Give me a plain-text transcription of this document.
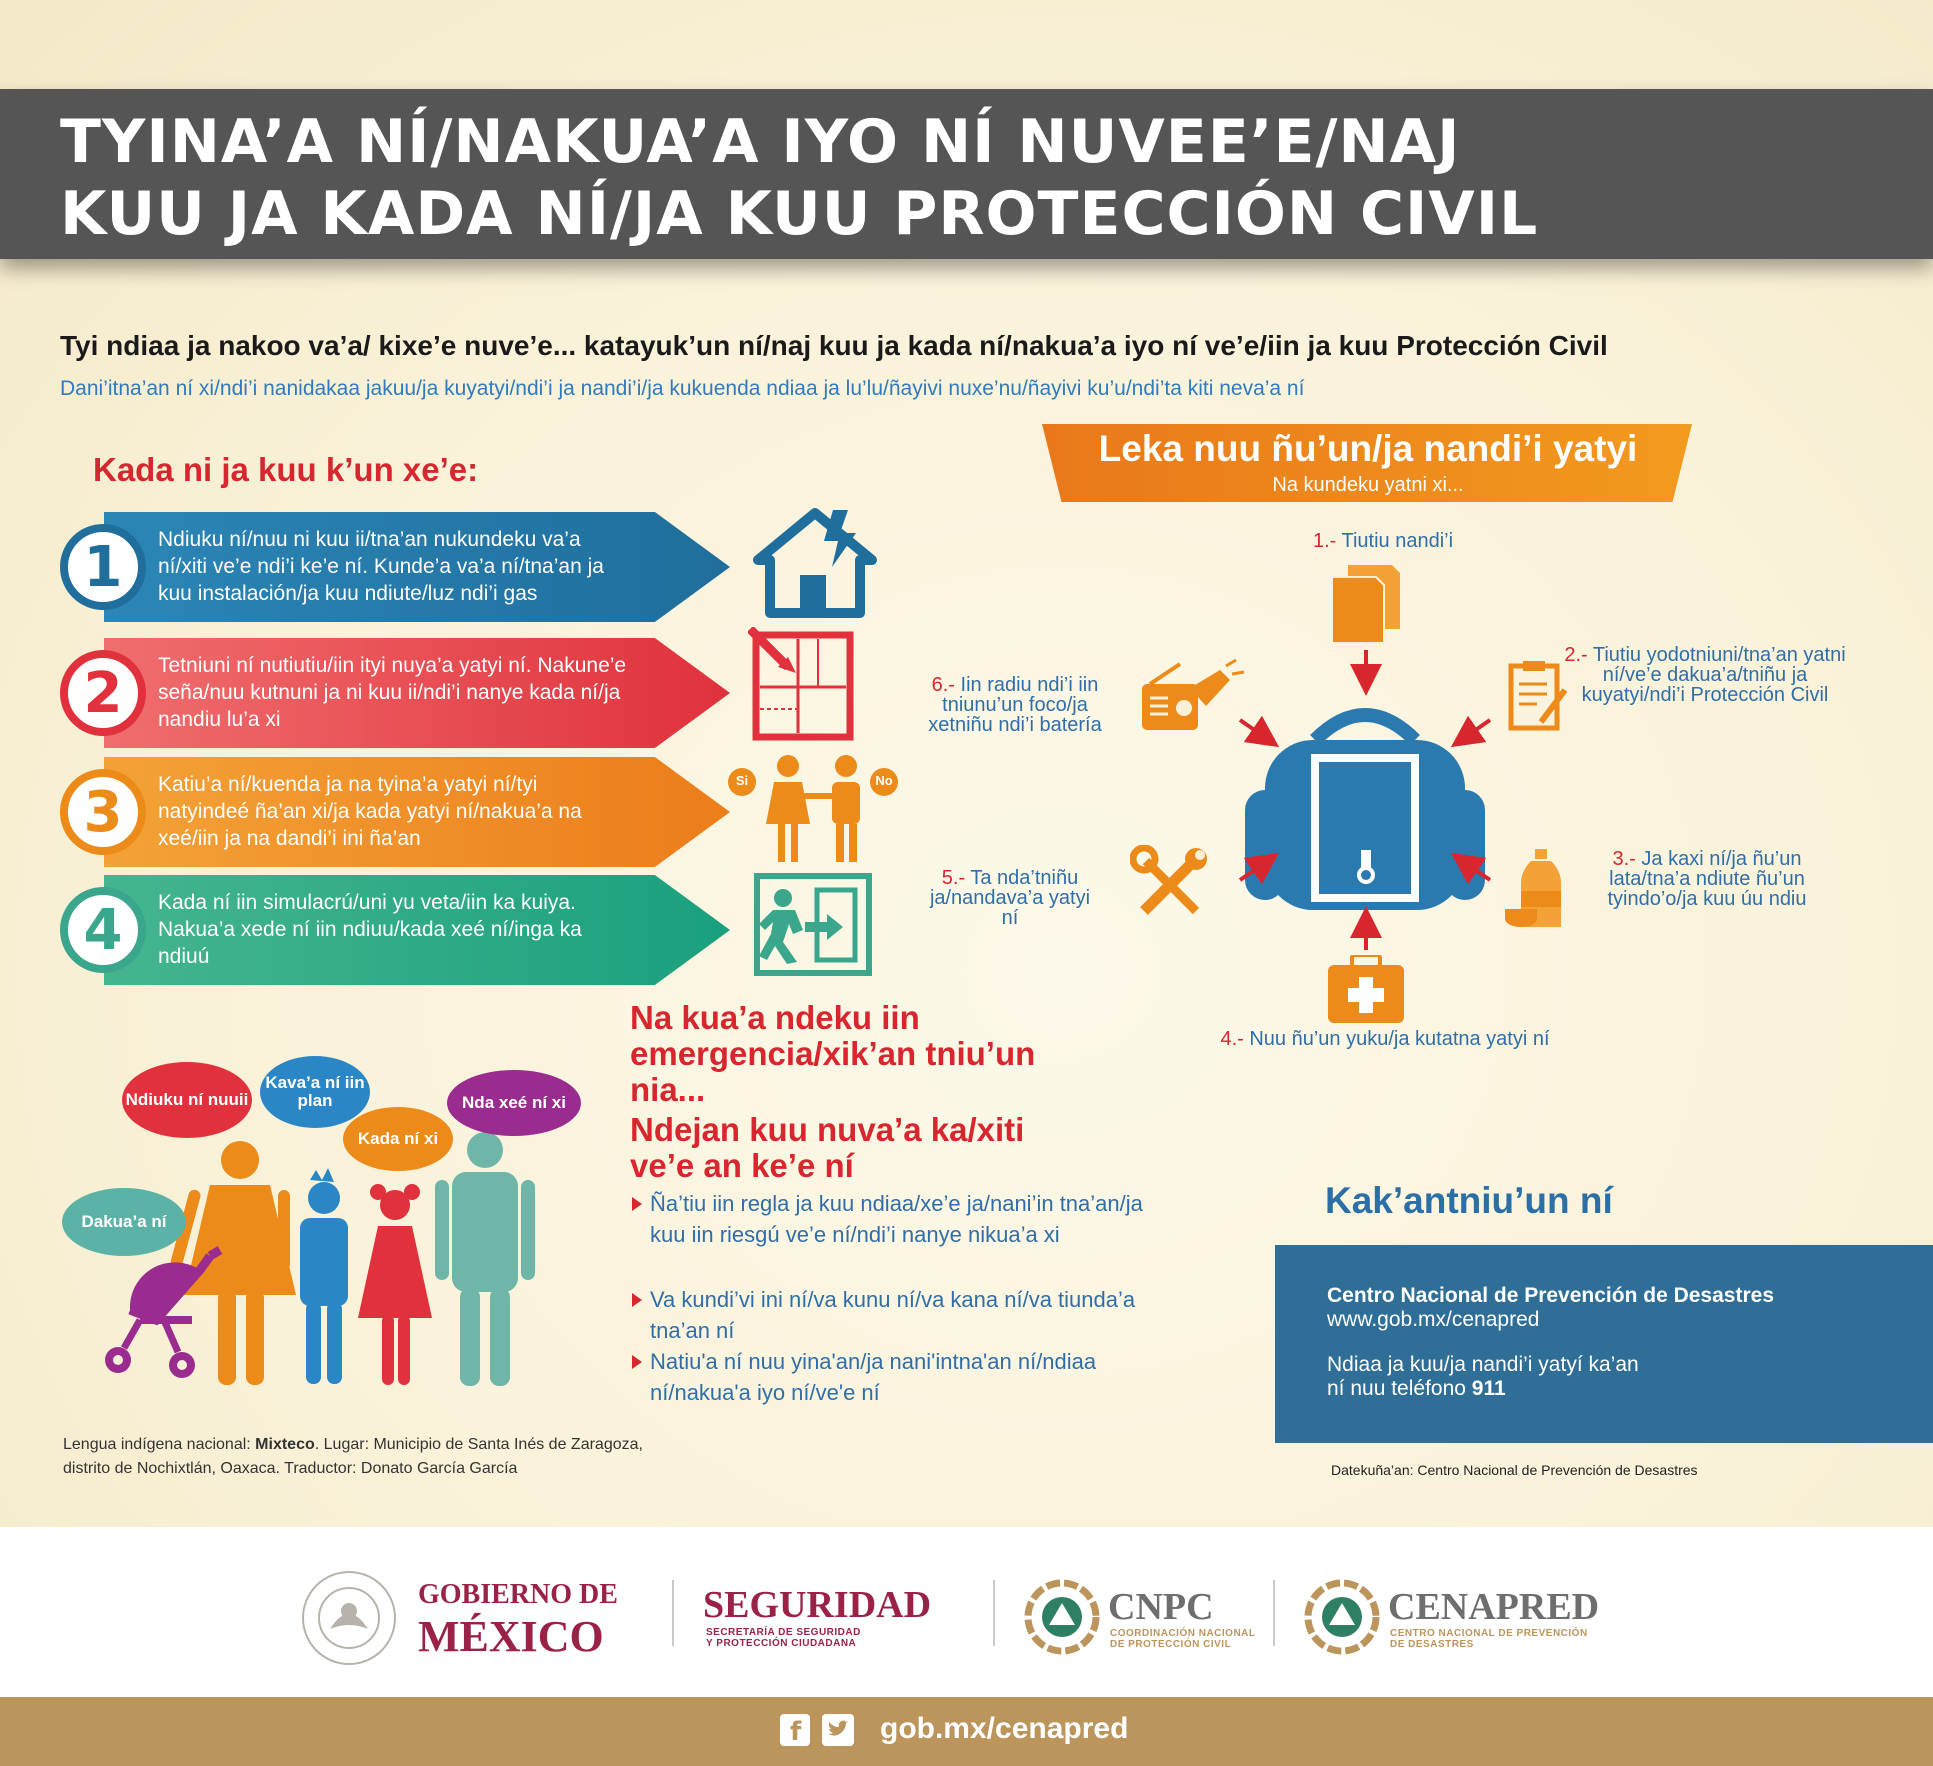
TYINA’A NÍ/NAKUA’A IYO NÍ NUVEE’E/NAJ
KUU JA KADA NÍ/JA KUU PROTECCIÓN CIVIL
Tyi ndiaa ja nakoo va’a/ kixe’e nuve’e... katayuk’un ní/naj kuu ja kada ní/nakua’a iyo ní ve’e/iin ja kuu Protección Civil
Dani’itna’an ní xi/ndi’i nanidakaa jakuu/ja kuyatyi/ndi’i ja nandi’i/ja kukuenda ndiaa ja lu’lu/ñayivi nuxe’nu/ñayivi ku’u/ndi’ta kiti neva’a ní
Kada ni ja kuu k’un xe’e:
1	Ndiuku ní/nuu ni kuu ii/tna’an nukundeku va’a ní/xiti ve’e ndi’i ke’e ní. Kunde’a va’a ní/tna’an ja kuu instalación/ja kuu ndiute/luz ndi’i gas
2	Tetniuni ní nutiutiu/iin ityi nuya’a yatyi ní. Nakune’e seña/nuu kutnuni ja ni kuu ii/ndi’i nanye kada ní/ja nandiu lu’a xi
3	Katiu’a ní/kuenda ja na tyina’a yatyi ní/tyi natyindeé ña’an xi/ja kada yatyi ní/nakua’a na xeé/iin ja na dandi’i ini ña’an
4	Kada ní iin simulacrú/uni yu veta/iin ka kuiya. Nakua’a xede ní iin ndiuu/kada xeé ní/inga ka ndiuú
Si	No
Na kua’a ndeku iin emergencia/xik’an tniu’un nia...
Ndejan kuu nuva’a ka/xiti ve’e an ke’e ní
Ña’tiu iin regla ja kuu ndiaa/xe’e ja/nani’in tna’an/ja kuu iin riesgú ve’e ní/ndi’i nanye nikua’a xi
Va kundi’vi ini ní/va kunu ní/va kana ní/va tiunda’a tna’an ní
Natiu'a ní nuu yina'an/ja nani'intna'an ní/ndiaa ní/nakua'a iyo ní/ve'e ní
Ndiuku ní nuuii
Kava’a ní iin plan
Kada ní xi
Nda xeé ní xi
Dakua’a ní
Lengua indígena nacional: Mixteco. Lugar: Municipio de Santa Inés de Zaragoza,
distrito de Nochixtlán, Oaxaca. Traductor: Donato García García
Leka nuu ñu’un/ja nandi’i yatyi
Na kundeku yatni xi...
1.- Tiutiu nandi’i
2.- Tiutiu yodotniuni/tna’an yatni ní/ve’e dakua’a/tniñu ja kuyatyi/ndi’i Protección Civil
3.- Ja kaxi ní/ja ñu’un lata/tna’a ndiute ñu’un tyindo’o/ja kuu úu ndiu
4.- Nuu ñu’un yuku/ja kutatna yatyi ní
5.- Ta nda’tniñu ja/nandava’a yatyi ní
6.- Iin radiu ndi’i iin tniunu’un foco/ja xetniñu ndi’i batería
Kak’antniu’un ní
Centro Nacional de Prevención de Desastres
www.gob.mx/cenapred
Ndiaa ja kuu/ja nandi’i yatyí ka’an
ní nuu teléfono 911
Datekuña’an: Centro Nacional de Prevención de Desastres
GOBIERNO DE
MÉXICO
SEGURIDAD
SECRETARÍA DE SEGURIDAD
Y PROTECCIÓN CIUDADANA
CNPC
COORDINACIÓN NACIONAL
DE PROTECCIÓN CIVIL
CENAPRED
CENTRO NACIONAL DE PREVENCIÓN
DE DESASTRES
f	gob.mx/cenapred
